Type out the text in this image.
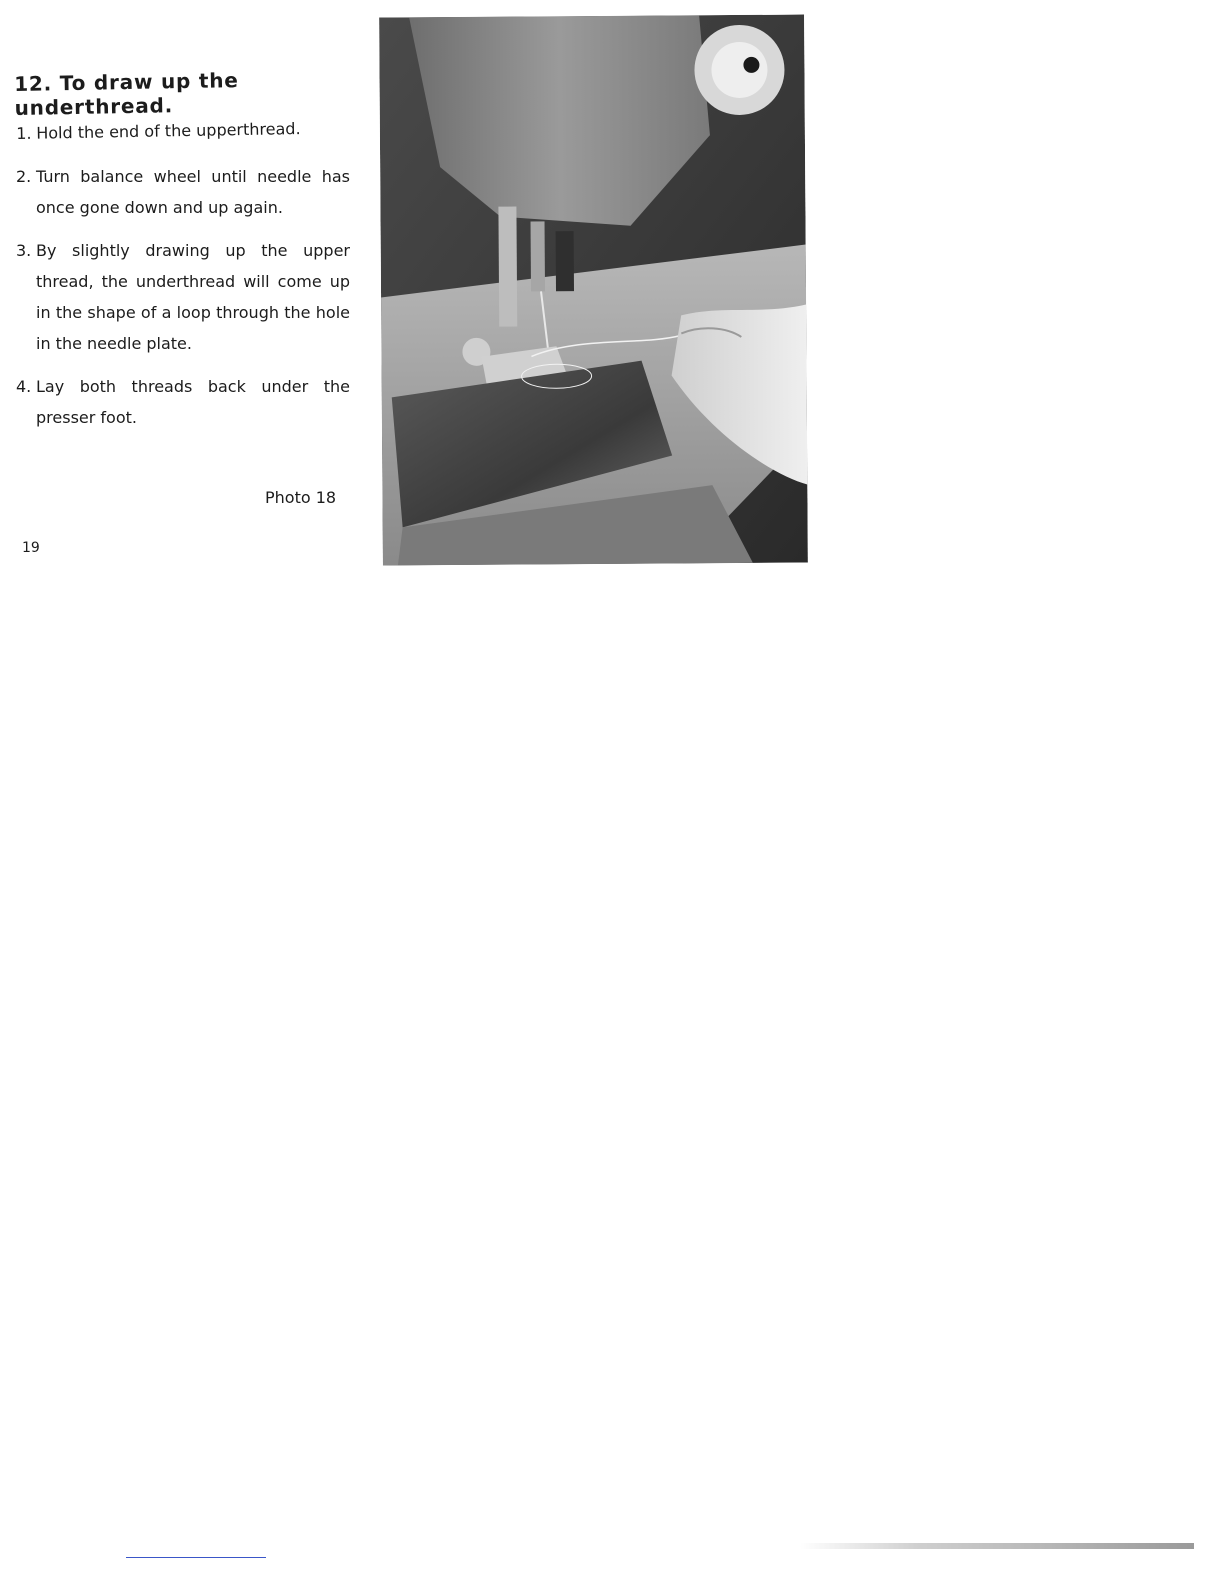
12. To draw up the underthread.
1. Hold the end of the upperthread.
2. Turn balance wheel until needle has once gone down and up again.
3. By slightly drawing up the upper thread, the underthread will come up in the shape of a loop through the hole in the needle plate.
4. Lay both threads back under the presser foot.
Photo 18
19
